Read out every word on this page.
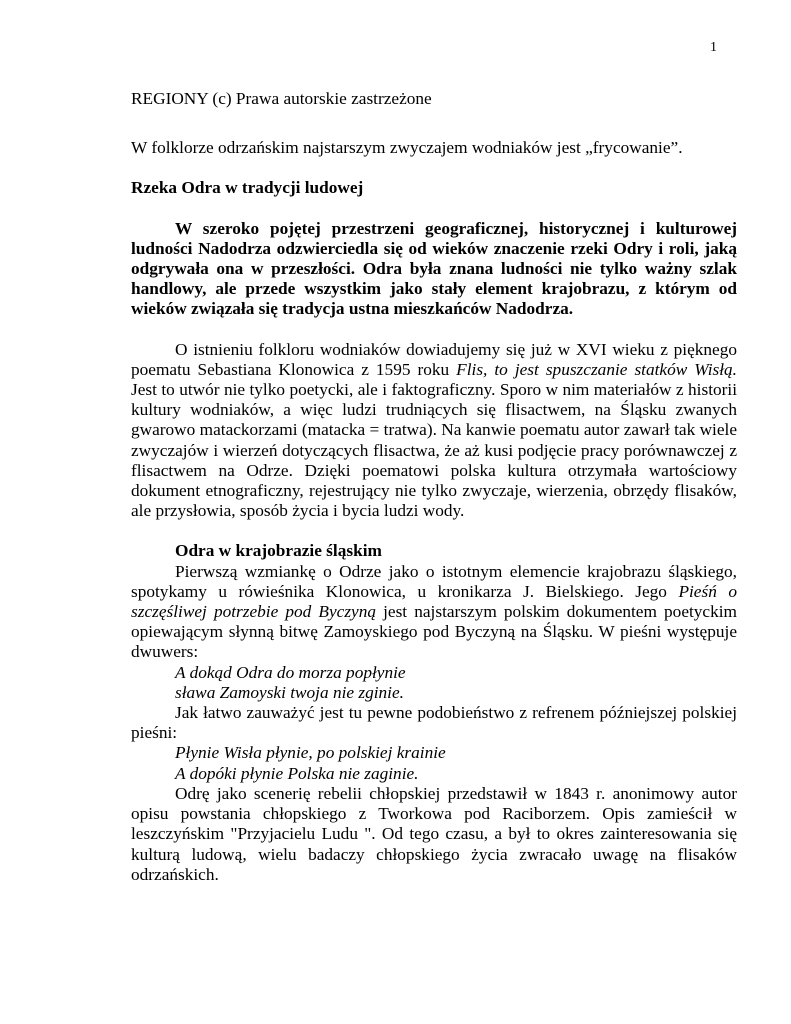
1

REGIONY (c) Prawa autorskie zastrzeżone

W folklorze odrzańskim najstarszym zwyczajem wodniaków jest „frycowanie”.

Rzeka Odra w tradycji ludowej

W szeroko pojętej przestrzeni geograficznej, historycznej i kulturowej ludności Nadodrza odzwierciedla się od wieków znaczenie rzeki Odry i roli, jaką odgrywała ona w przeszłości. Odra była znana ludności nie tylko ważny szlak handlowy, ale przede wszystkim jako stały element krajobrazu, z którym od wieków związała się tradycja ustna mieszkańców Nadodrza.

O istnieniu folkloru wodniaków dowiadujemy się już w XVI wieku z pięknego poematu Sebastiana Klonowica z 1595 roku Flis, to jest spuszczanie statków Wisłą. Jest to utwór nie tylko poetycki, ale i faktograficzny. Sporo w nim materiałów z historii kultury wodniaków, a więc ludzi trudniących się flisactwem, na Śląsku zwanych gwarowo matackorzami (matacka = tratwa). Na kanwie poematu autor zawarł tak wiele zwyczajów i wierzeń dotyczących flisactwa, że aż kusi podjęcie pracy porównawczej z flisactwem na Odrze. Dzięki poematowi polska kultura otrzymała wartościowy dokument etnograficzny, rejestrujący nie tylko zwyczaje, wierzenia, obrzędy flisaków, ale przysłowia, sposób życia i bycia ludzi wody.

Odra w krajobrazie śląskim

Pierwszą wzmiankę o Odrze jako o istotnym elemencie krajobrazu śląskiego, spotykamy u rówieśnika Klonowica, u kronikarza J. Bielskiego. Jego Pieśń o szczęśliwej potrzebie pod Byczyną jest najstarszym polskim dokumentem poetyckim opiewającym słynną bitwę Zamoyskiego pod Byczyną na Śląsku. W pieśni występuje dwuwers:

A dokąd Odra do morza popłynie

sława Zamoyski twoja nie zginie.

Jak łatwo zauważyć jest tu pewne podobieństwo z refrenem późniejszej polskiej pieśni:

Płynie Wisła płynie, po polskiej krainie

A dopóki płynie Polska nie zaginie.

Odrę jako scenerię rebelii chłopskiej przedstawił w 1843 r. anonimowy autor opisu powstania chłopskiego z Tworkowa pod Raciborzem. Opis zamieścił w leszczyńskim "Przyjacielu Ludu ". Od tego czasu, a był to okres zainteresowania się kulturą ludową, wielu badaczy chłopskiego życia zwracało uwagę na flisaków odrzańskich.
